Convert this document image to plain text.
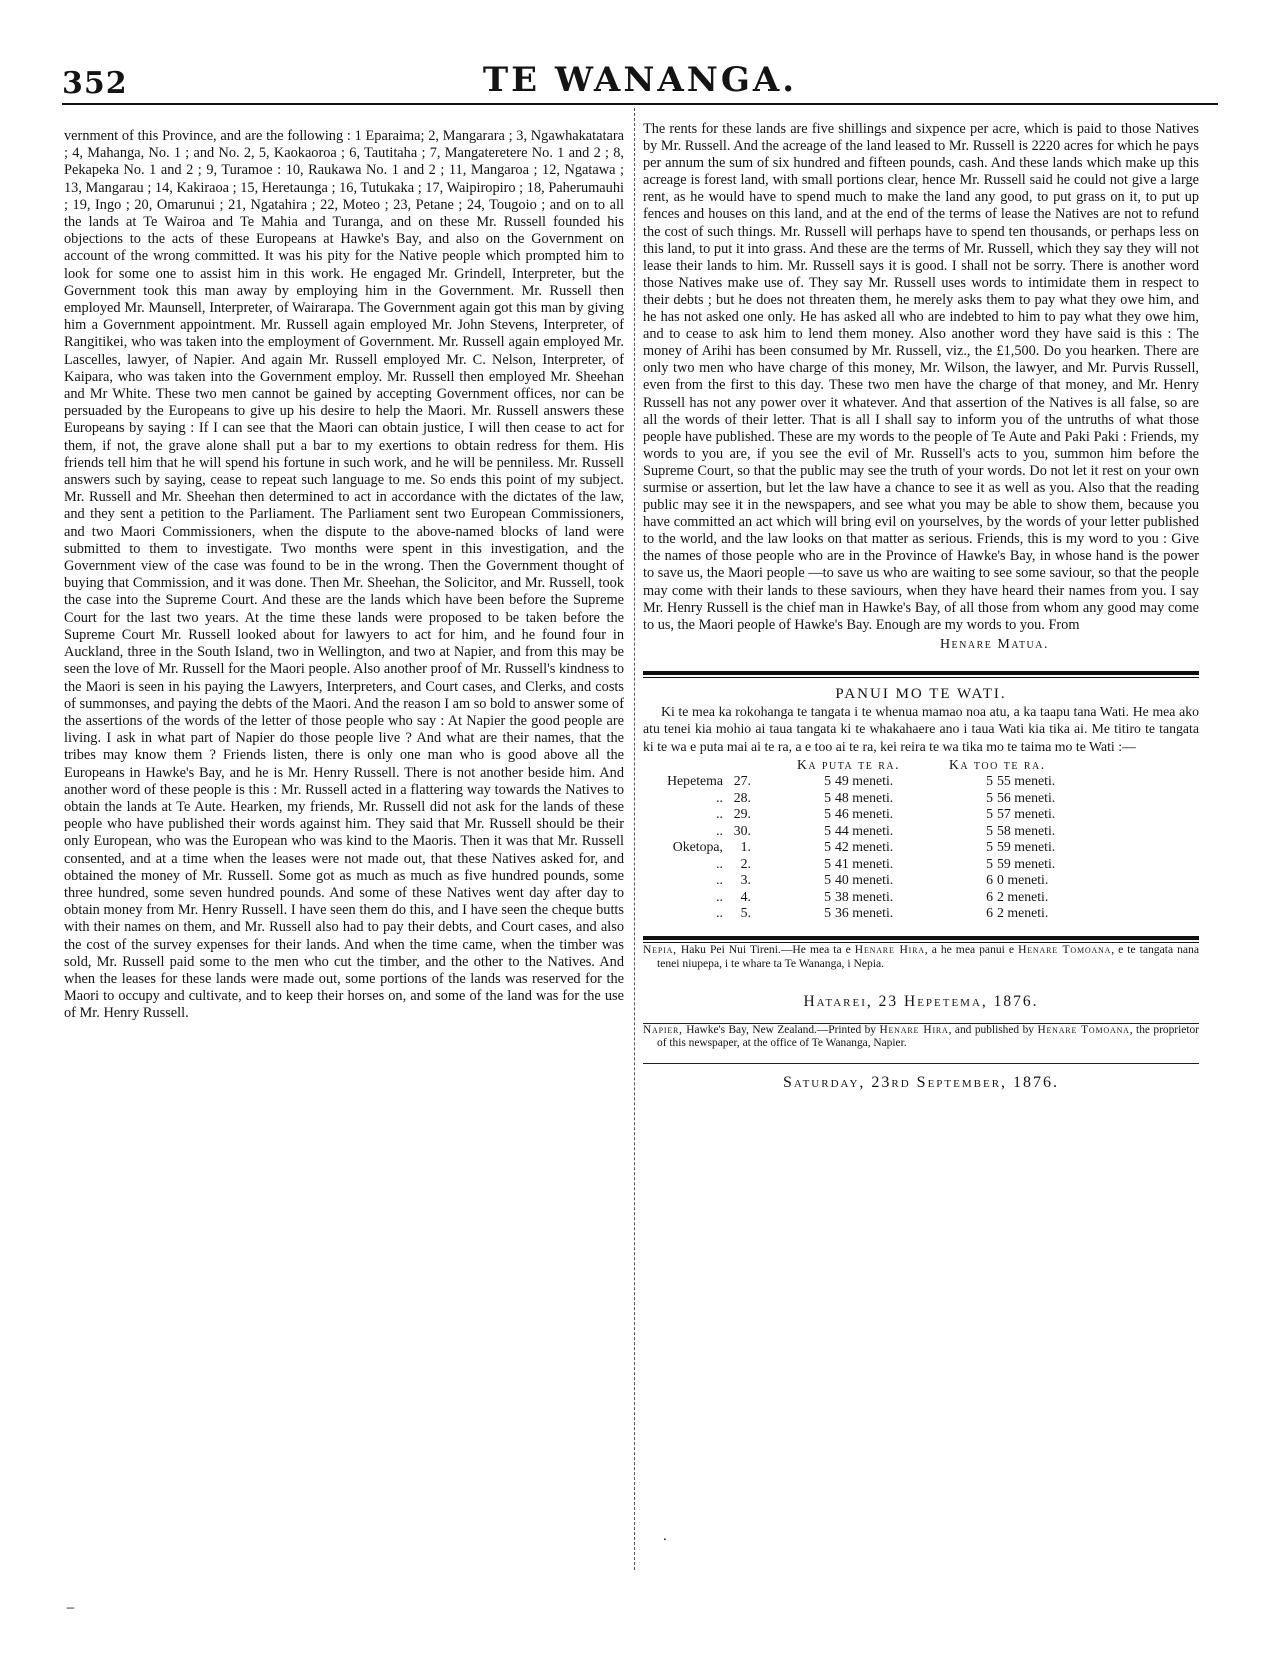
352	TE WANANGA.

vernment of this Province, and are the following : 1 Eparaima; 2, Mangarara ; 3, Ngawhakatatara ; 4, Mahanga, No. 1 ; and No. 2, 5, Kaokaoroa ; 6, Tautitaha ; 7, Mangateretere No. 1 and 2 ; 8, Pekapeka No. 1 and 2 ; 9, Turamoe : 10, Raukawa No. 1 and 2 ; 11, Mangaroa ; 12, Ngatawa ; 13, Mangarau ; 14, Kakiraoa ; 15, Heretaunga ; 16, Tutukaka ; 17, Waipiropiro ; 18, Paherumauhi ; 19, Ingo ; 20, Omarunui ; 21, Ngatahira ; 22, Moteo ; 23, Petane ; 24, Tougoio ; and on to all the lands at Te Wairoa and Te Mahia and Turanga, and on these Mr. Russell founded his objections to the acts of these Europeans at Hawke's Bay, and also on the Government on account of the wrong committed. It was his pity for the Native people which prompted him to look for some one to assist him in this work. He engaged Mr. Grindell, Interpreter, but the Government took this man away by employing him in the Government. Mr. Russell then employed Mr. Maunsell, Interpreter, of Wairarapa. The Government again got this man by giving him a Government appointment. Mr. Russell again employed Mr. John Stevens, Interpreter, of Rangitikei, who was taken into the employment of Government. Mr. Russell again employed Mr. Lascelles, lawyer, of Napier. And again Mr. Russell employed Mr. C. Nelson, Interpreter, of Kaipara, who was taken into the Government employ. Mr. Russell then employed Mr. Sheehan and Mr White. These two men cannot be gained by accepting Government offices, nor can be persuaded by the Europeans to give up his desire to help the Maori. Mr. Russell answers these Europeans by saying : If I can see that the Maori can obtain justice, I will then cease to act for them, if not, the grave alone shall put a bar to my exertions to obtain redress for them. His friends tell him that he will spend his fortune in such work, and he will be penniless. Mr. Russell answers such by saying, cease to repeat such language to me. So ends this point of my subject. Mr. Russell and Mr. Sheehan then determined to act in accordance with the dictates of the law, and they sent a petition to the Parliament. The Parliament sent two European Commissioners, and two Maori Commissioners, when the dispute to the above-named blocks of land were submitted to them to investigate. Two months were spent in this investigation, and the Government view of the case was found to be in the wrong. Then the Government thought of buying that Commission, and it was done. Then Mr. Sheehan, the Solicitor, and Mr. Russell, took the case into the Supreme Court. And these are the lands which have been before the Supreme Court for the last two years. At the time these lands were proposed to be taken before the Supreme Court Mr. Russell looked about for lawyers to act for him, and he found four in Auckland, three in the South Island, two in Wellington, and two at Napier, and from this may be seen the love of Mr. Russell for the Maori people. Also another proof of Mr. Russell's kindness to the Maori is seen in his paying the Lawyers, Interpreters, and Court cases, and Clerks, and costs of summonses, and paying the debts of the Maori. And the reason I am so bold to answer some of the assertions of the words of the letter of those people who say : At Napier the good people are living. I ask in what part of Napier do those people live ? And what are their names, that the tribes may know them ? Friends listen, there is only one man who is good above all the Europeans in Hawke's Bay, and he is Mr. Henry Russell. There is not another beside him. And another word of these people is this : Mr. Russell acted in a flattering way towards the Natives to obtain the lands at Te Aute. Hearken, my friends, Mr. Russell did not ask for the lands of these people who have published their words against him. They said that Mr. Russell should be their only European, who was the European who was kind to the Maoris. Then it was that Mr. Russell consented, and at a time when the leases were not made out, that these Natives asked for, and obtained the money of Mr. Russell. Some got as much as much as five hundred pounds, some three hundred, some seven hundred pounds. And some of these Natives went day after day to obtain money from Mr. Henry Russell. I have seen them do this, and I have seen the cheque butts with their names on them, and Mr. Russell also had to pay their debts, and Court cases, and also the cost of the survey expenses for their lands. And when the time came, when the timber was sold, Mr. Russell paid some to the men who cut the timber, and the other to the Natives. And when the leases for these lands were made out, some portions of the lands was reserved for the Maori to occupy and cultivate, and to keep their horses on, and some of the land was for the use of Mr. Henry Russell.

The rents for these lands are five shillings and sixpence per acre, which is paid to those Natives by Mr. Russell. And the acreage of the land leased to Mr. Russell is 2220 acres for which he pays per annum the sum of six hundred and fifteen pounds, cash. And these lands which make up this acreage is forest land, with small portions clear, hence Mr. Russell said he could not give a large rent, as he would have to spend much to make the land any good, to put grass on it, to put up fences and houses on this land, and at the end of the terms of lease the Natives are not to refund the cost of such things. Mr. Russell will perhaps have to spend ten thousands, or perhaps less on this land, to put it into grass. And these are the terms of Mr. Russell, which they say they will not lease their lands to him. Mr. Russell says it is good. I shall not be sorry. There is another word those Natives make use of. They say Mr. Russell uses words to intimidate them in respect to their debts ; but he does not threaten them, he merely asks them to pay what they owe him, and he has not asked one only. He has asked all who are indebted to him to pay what they owe him, and to cease to ask him to lend them money. Also another word they have said is this : The money of Arihi has been consumed by Mr. Russell, viz., the £1,500. Do you hearken. There are only two men who have charge of this money, Mr. Wilson, the lawyer, and Mr. Purvis Russell, even from the first to this day. These two men have the charge of that money, and Mr. Henry Russell has not any power over it whatever. And that assertion of the Natives is all false, so are all the words of their letter. That is all I shall say to inform you of the untruths of what those people have published. These are my words to the people of Te Aute and Paki Paki : Friends, my words to you are, if you see the evil of Mr. Russell's acts to you, summon him before the Supreme Court, so that the public may see the truth of your words. Do not let it rest on your own surmise or assertion, but let the law have a chance to see it as well as you. Also that the reading public may see it in the newspapers, and see what you may be able to show them, because you have committed an act which will bring evil on yourselves, by the words of your letter published to the world, and the law looks on that matter as serious. Friends, this is my word to you : Give the names of those people who are in the Province of Hawke's Bay, in whose hand is the power to save us, the Maori people —to save us who are waiting to see some saviour, so that the people may come with their lands to these saviours, when they have heard their names from you. I say Mr. Henry Russell is the chief man in Hawke's Bay, of all those from whom any good may come to us, the Maori people of Hawke's Bay. Enough are my words to you. From

Henare Matua.
PANUI MO TE WATI.

Ki te mea ka rokohanga te tangata i te whenua mamao noa atu, a ka taapu tana Wati. He mea ako atu tenei kia mohio ai taua tangata ki te whakahaere ano i taua Wati kia tika ai. Me titiro te tangata ki te wa e puta mai ai te ra, a e too ai te ra, kei reira te wa tika mo te taima mo te Wati :—

		Ka puta te ra.		Ka too te ra.	
Hepetema	27.	5	49 meneti.	5	55 meneti.
..	28.	5	48 meneti.	5	56 meneti.
..	29.	5	46 meneti.	5	57 meneti.
..	30.	5	44 meneti.	5	58 meneti.
Oketopa,	1.	5	42 meneti.	5	59 meneti.
..	2.	5	41 meneti.	5	59 meneti.
..	3.	5	40 meneti.	6	0 meneti.
..	4.	5	38 meneti.	6	2 meneti.
..	5.	5	36 meneti.	6	2 meneti.

Nepia, Haku Pei Nui Tireni.—He mea ta e Henare Hira, a he mea panui e Henare Tomoana, e te tangata nana tenei niupepa, i te whare ta Te Wananga, i Nepia.

Hatarei, 23 Hepetema, 1876.

Napier, Hawke's Bay, New Zealand.—Printed by Henare Hira, and published by Henare Tomoana, the proprietor of this newspaper, at the office of Te Wananga, Napier.

Saturday, 23rd September, 1876.
⸳
‒
